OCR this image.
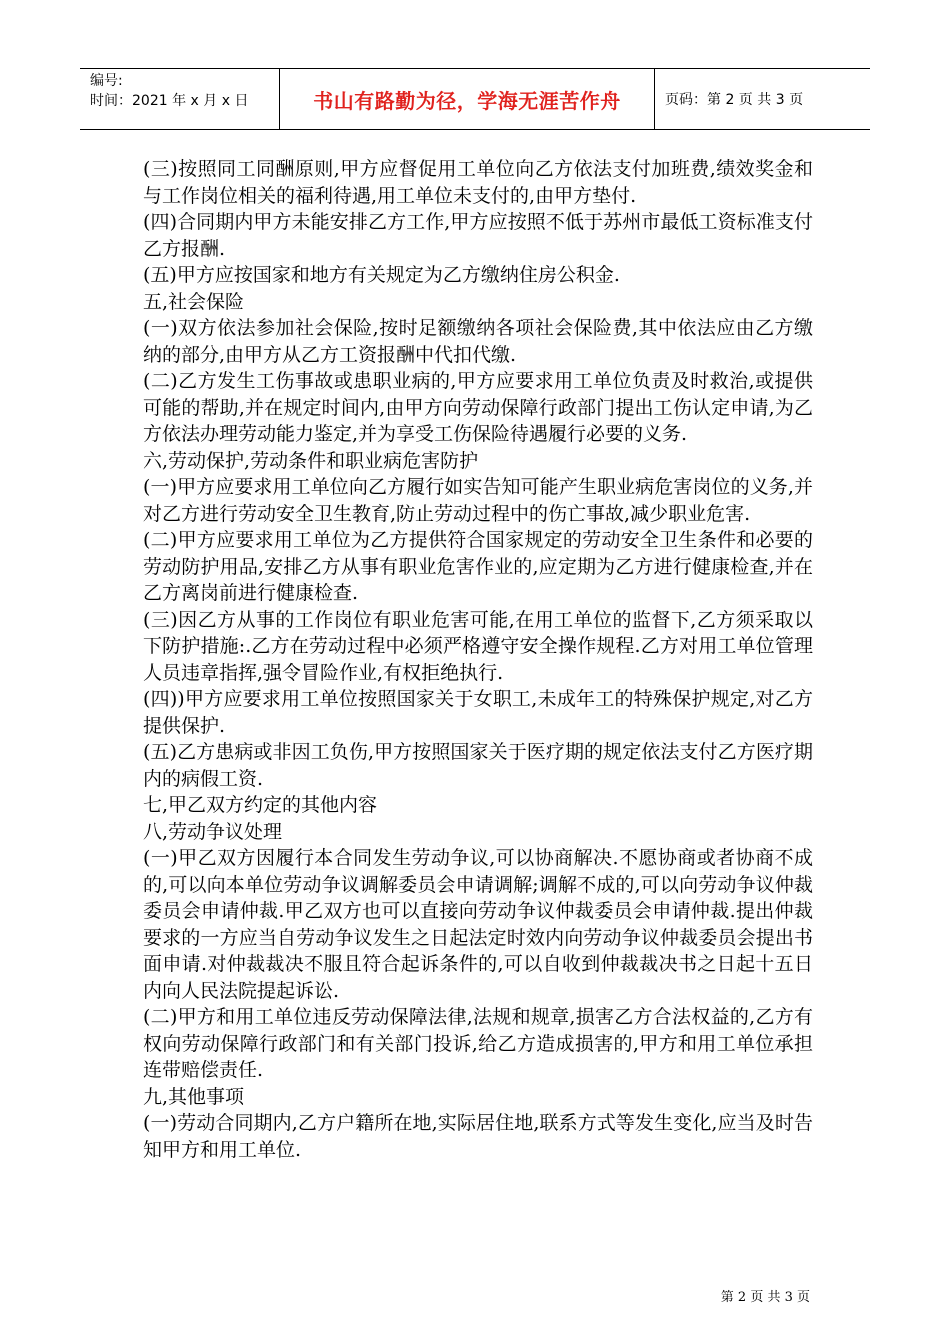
编号:
时间：2021 年 x 月 x 日	书山有路勤为径，学海无涯苦作舟	页码：第 2 页 共 3 页

(三)按照同工同酬原则,甲方应督促用工单位向乙方依法支付加班费,绩效奖金和与工作岗位相关的福利待遇,用工单位未支付的,由甲方垫付.

(四)合同期内甲方未能安排乙方工作,甲方应按照不低于苏州市最低工资标准支付乙方报酬.

(五)甲方应按国家和地方有关规定为乙方缴纳住房公积金.

五,社会保险

(一)双方依法参加社会保险,按时足额缴纳各项社会保险费,其中依法应由乙方缴纳的部分,由甲方从乙方工资报酬中代扣代缴.

(二)乙方发生工伤事故或患职业病的,甲方应要求用工单位负责及时救治,或提供可能的帮助,并在规定时间内,由甲方向劳动保障行政部门提出工伤认定申请,为乙方依法办理劳动能力鉴定,并为享受工伤保险待遇履行必要的义务.

六,劳动保护,劳动条件和职业病危害防护

(一)甲方应要求用工单位向乙方履行如实告知可能产生职业病危害岗位的义务,并对乙方进行劳动安全卫生教育,防止劳动过程中的伤亡事故,减少职业危害.

(二)甲方应要求用工单位为乙方提供符合国家规定的劳动安全卫生条件和必要的劳动防护用品,安排乙方从事有职业危害作业的,应定期为乙方进行健康检查,并在乙方离岗前进行健康检查.

(三)因乙方从事的工作岗位有职业危害可能,在用工单位的监督下,乙方须采取以下防护措施:.乙方在劳动过程中必须严格遵守安全操作规程.乙方对用工单位管理人员违章指挥,强令冒险作业,有权拒绝执行.

(四))甲方应要求用工单位按照国家关于女职工,未成年工的特殊保护规定,对乙方提供保护.

(五)乙方患病或非因工负伤,甲方按照国家关于医疗期的规定依法支付乙方医疗期内的病假工资.

七,甲乙双方约定的其他内容

八,劳动争议处理

(一)甲乙双方因履行本合同发生劳动争议,可以协商解决.不愿协商或者协商不成的,可以向本单位劳动争议调解委员会申请调解;调解不成的,可以向劳动争议仲裁委员会申请仲裁.甲乙双方也可以直接向劳动争议仲裁委员会申请仲裁.提出仲裁要求的一方应当自劳动争议发生之日起法定时效内向劳动争议仲裁委员会提出书面申请.对仲裁裁决不服且符合起诉条件的,可以自收到仲裁裁决书之日起十五日内向人民法院提起诉讼.

(二)甲方和用工单位违反劳动保障法律,法规和规章,损害乙方合法权益的,乙方有权向劳动保障行政部门和有关部门投诉,给乙方造成损害的,甲方和用工单位承担连带赔偿责任.

九,其他事项

(一)劳动合同期内,乙方户籍所在地,实际居住地,联系方式等发生变化,应当及时告知甲方和用工单位.

第 2 页 共 3 页
